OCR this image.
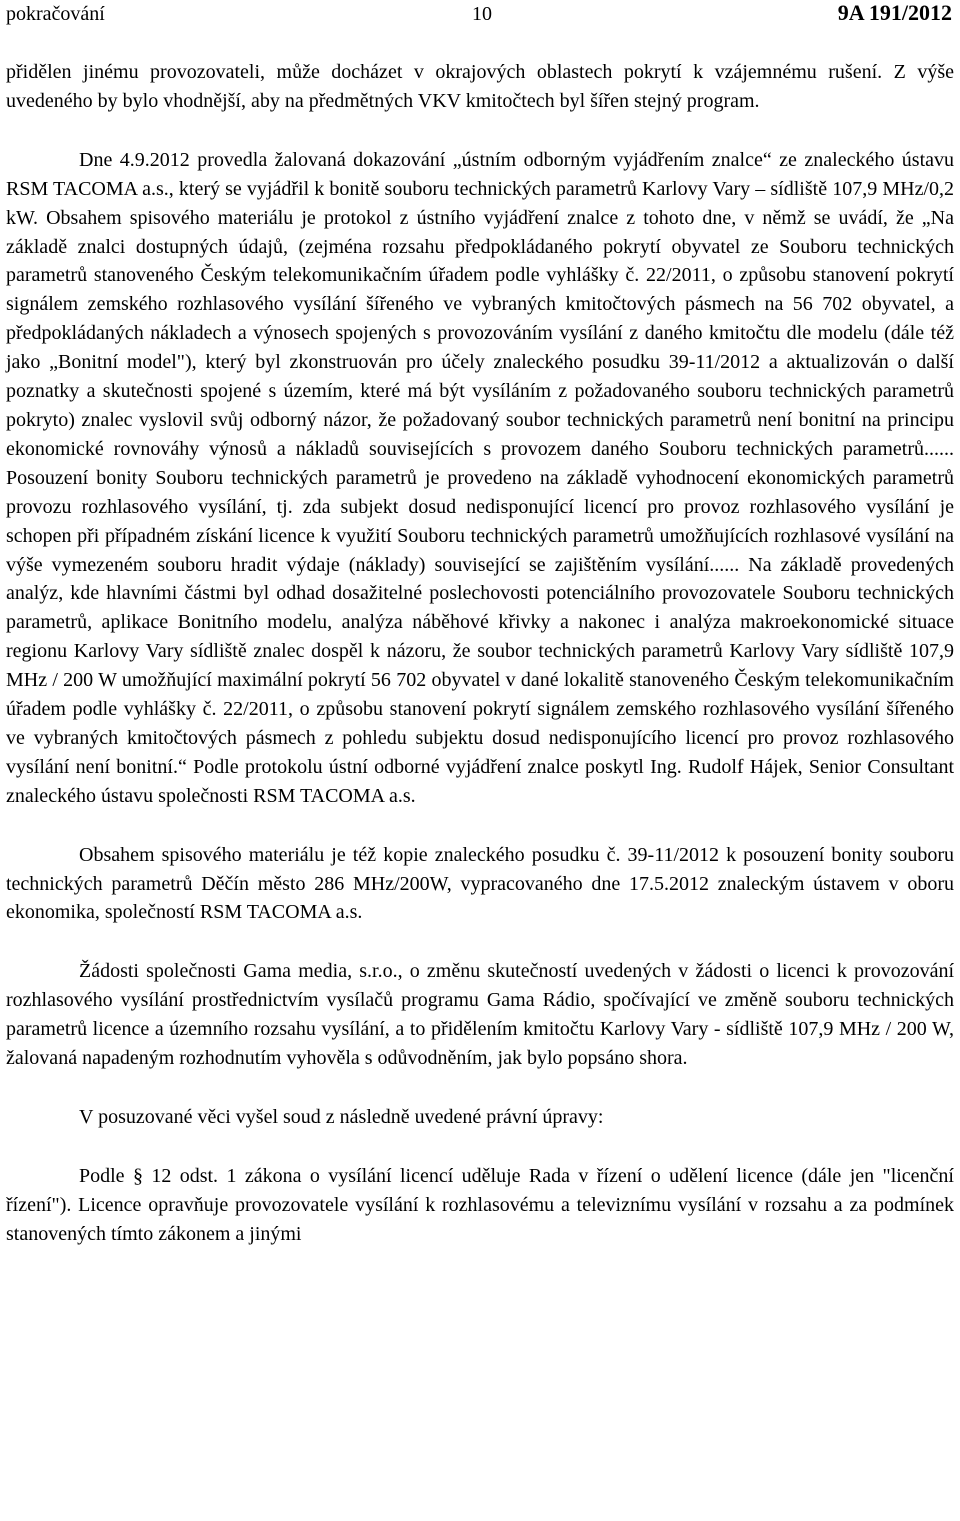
pokračování	10	9A 191/2012

přidělen jinému provozovateli, může docházet v okrajových oblastech pokrytí k vzájemnému rušení. Z výše uvedeného by bylo vhodnější, aby na předmětných VKV kmitočtech byl šířen stejný program.

Dne 4.9.2012 provedla žalovaná dokazování „ústním odborným vyjádřením znalce“ ze znaleckého ústavu RSM TACOMA a.s., který se vyjádřil k bonitě souboru technických parametrů Karlovy Vary – sídliště 107,9 MHz/0,2 kW. Obsahem spisového materiálu je protokol z ústního vyjádření znalce z tohoto dne, v němž se uvádí, že „Na základě znalci dostupných údajů, (zejména rozsahu předpokládaného pokrytí obyvatel ze Souboru technických parametrů stanoveného Českým telekomunikačním úřadem podle vyhlášky č. 22/2011, o způsobu stanovení pokrytí signálem zemského rozhlasového vysílání šířeného ve vybraných kmitočtových pásmech na 56 702 obyvatel, a předpokládaných nákladech a výnosech spojených s provozováním vysílání z daného kmitočtu dle modelu (dále též jako „Bonitní model"), který byl zkonstruován pro účely znaleckého posudku 39-11/2012 a aktualizován o další poznatky a skutečnosti spojené s územím, které má být vysíláním z požadovaného souboru technických parametrů pokryto) znalec vyslovil svůj odborný názor, že požadovaný soubor technických parametrů není bonitní na principu ekonomické rovnováhy výnosů a nákladů souvisejících s provozem daného Souboru technických parametrů...... Posouzení bonity Souboru technických parametrů je provedeno na základě vyhodnocení ekonomických parametrů provozu rozhlasového vysílání, tj. zda subjekt dosud nedisponující licencí pro provoz rozhlasového vysílání je schopen při případném získání licence k využití Souboru technických parametrů umožňujících rozhlasové vysílání na výše vymezeném souboru hradit výdaje (náklady) související se zajištěním vysílání...... Na základě provedených analýz, kde hlavními částmi byl odhad dosažitelné poslechovosti potenciálního provozovatele Souboru technických parametrů, aplikace Bonitního modelu, analýza náběhové křivky a nakonec i analýza makroekonomické situace regionu Karlovy Vary sídliště znalec dospěl k názoru, že soubor technických parametrů Karlovy Vary sídliště 107,9 MHz / 200 W umožňující maximální pokrytí 56 702 obyvatel v dané lokalitě stanoveného Českým telekomunikačním úřadem podle vyhlášky č. 22/2011, o způsobu stanovení pokrytí signálem zemského rozhlasového vysílání šířeného ve vybraných kmitočtových pásmech z pohledu subjektu dosud nedisponujícího licencí pro provoz rozhlasového vysílání není bonitní.“ Podle protokolu ústní odborné vyjádření znalce poskytl Ing. Rudolf Hájek, Senior Consultant znaleckého ústavu společnosti RSM TACOMA a.s.

Obsahem spisového materiálu je též kopie znaleckého posudku č. 39-11/2012 k posouzení bonity souboru technických parametrů Děčín město 286 MHz/200W, vypracovaného dne 17.5.2012 znaleckým ústavem v oboru ekonomika, společností RSM TACOMA a.s.

Žádosti společnosti Gama media, s.r.o., o změnu skutečností uvedených v žádosti o licenci k provozování rozhlasového vysílání prostřednictvím vysílačů programu Gama Rádio, spočívající ve změně souboru technických parametrů licence a územního rozsahu vysílání, a to přidělením kmitočtu Karlovy Vary - sídliště 107,9 MHz / 200 W, žalovaná napadeným rozhodnutím vyhověla s odůvodněním, jak bylo popsáno shora.

V posuzované věci vyšel soud z následně uvedené právní úpravy:

Podle § 12 odst. 1 zákona o vysílání licencí uděluje Rada v řízení o udělení licence (dále jen "licenční řízení"). Licence opravňuje provozovatele vysílání k rozhlasovému a televiznímu vysílání v rozsahu a za podmínek stanovených tímto zákonem a jinými
